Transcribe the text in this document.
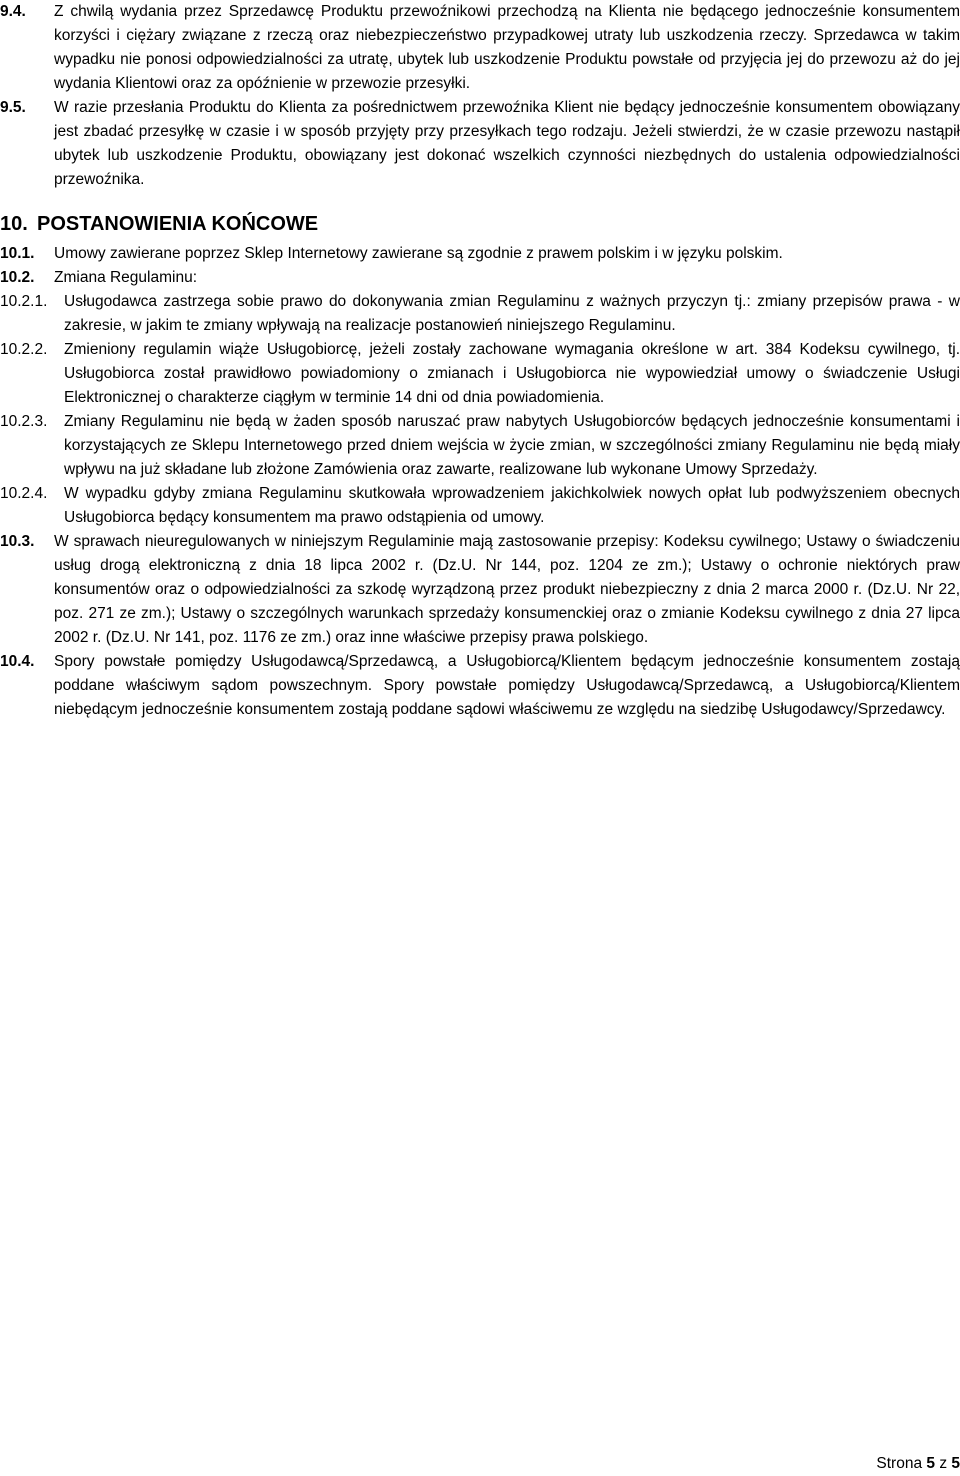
9.4. Z chwilą wydania przez Sprzedawcę Produktu przewoźnikowi przechodzą na Klienta nie będącego jednocześnie konsumentem korzyści i ciężary związane z rzeczą oraz niebezpieczeństwo przypadkowej utraty lub uszkodzenia rzeczy. Sprzedawca w takim wypadku nie ponosi odpowiedzialności za utratę, ubytek lub uszkodzenie Produktu powstałe od przyjęcia jej do przewozu aż do jej wydania Klientowi oraz za opóźnienie w przewozie przesyłki.
9.5. W razie przesłania Produktu do Klienta za pośrednictwem przewoźnika Klient nie będący jednocześnie konsumentem obowiązany jest zbadać przesyłkę w czasie i w sposób przyjęty przy przesyłkach tego rodzaju. Jeżeli stwierdzi, że w czasie przewozu nastąpił ubytek lub uszkodzenie Produktu, obowiązany jest dokonać wszelkich czynności niezbędnych do ustalenia odpowiedzialności przewoźnika.
10. POSTANOWIENIA KOŃCOWE
10.1. Umowy zawierane poprzez Sklep Internetowy zawierane są zgodnie z prawem polskim i w języku polskim.
10.2. Zmiana Regulaminu:
10.2.1. Usługodawca zastrzega sobie prawo do dokonywania zmian Regulaminu z ważnych przyczyn tj.: zmiany przepisów prawa - w zakresie, w jakim te zmiany wpływają na realizacje postanowień niniejszego Regulaminu.
10.2.2. Zmieniony regulamin wiąże Usługobiorcę, jeżeli zostały zachowane wymagania określone w art. 384 Kodeksu cywilnego, tj. Usługobiorca został prawidłowo powiadomiony o zmianach i Usługobiorca nie wypowiedział umowy o świadczenie Usługi Elektronicznej o charakterze ciągłym w terminie 14 dni od dnia powiadomienia.
10.2.3. Zmiany Regulaminu nie będą w żaden sposób naruszać praw nabytych Usługobiorców będących jednocześnie konsumentami i korzystających ze Sklepu Internetowego przed dniem wejścia w życie zmian, w szczególności zmiany Regulaminu nie będą miały wpływu na już składane lub złożone Zamówienia oraz zawarte, realizowane lub wykonane Umowy Sprzedaży.
10.2.4. W wypadku gdyby zmiana Regulaminu skutkowała wprowadzeniem jakichkolwiek nowych opłat lub podwyższeniem obecnych Usługobiorca będący konsumentem ma prawo odstąpienia od umowy.
10.3. W sprawach nieuregulowanych w niniejszym Regulaminie mają zastosowanie przepisy: Kodeksu cywilnego; Ustawy o świadczeniu usług drogą elektroniczną z dnia 18 lipca 2002 r. (Dz.U. Nr 144, poz. 1204 ze zm.); Ustawy o ochronie niektórych praw konsumentów oraz o odpowiedzialności za szkodę wyrządzoną przez produkt niebezpieczny z dnia 2 marca 2000 r. (Dz.U. Nr 22, poz. 271 ze zm.); Ustawy o szczególnych warunkach sprzedaży konsumenckiej oraz o zmianie Kodeksu cywilnego z dnia 27 lipca 2002 r. (Dz.U. Nr 141, poz. 1176 ze zm.) oraz inne właściwe przepisy prawa polskiego.
10.4. Spory powstałe pomiędzy Usługodawcą/Sprzedawcą, a Usługobiorcą/Klientem będącym jednocześnie konsumentem zostają poddane właściwym sądom powszechnym. Spory powstałe pomiędzy Usługodawcą/Sprzedawcą, a Usługobiorcą/Klientem niebędącym jednocześnie konsumentem zostają poddane sądowi właściwemu ze względu na siedzibę Usługodawcy/Sprzedawcy.
Strona 5 z 5
